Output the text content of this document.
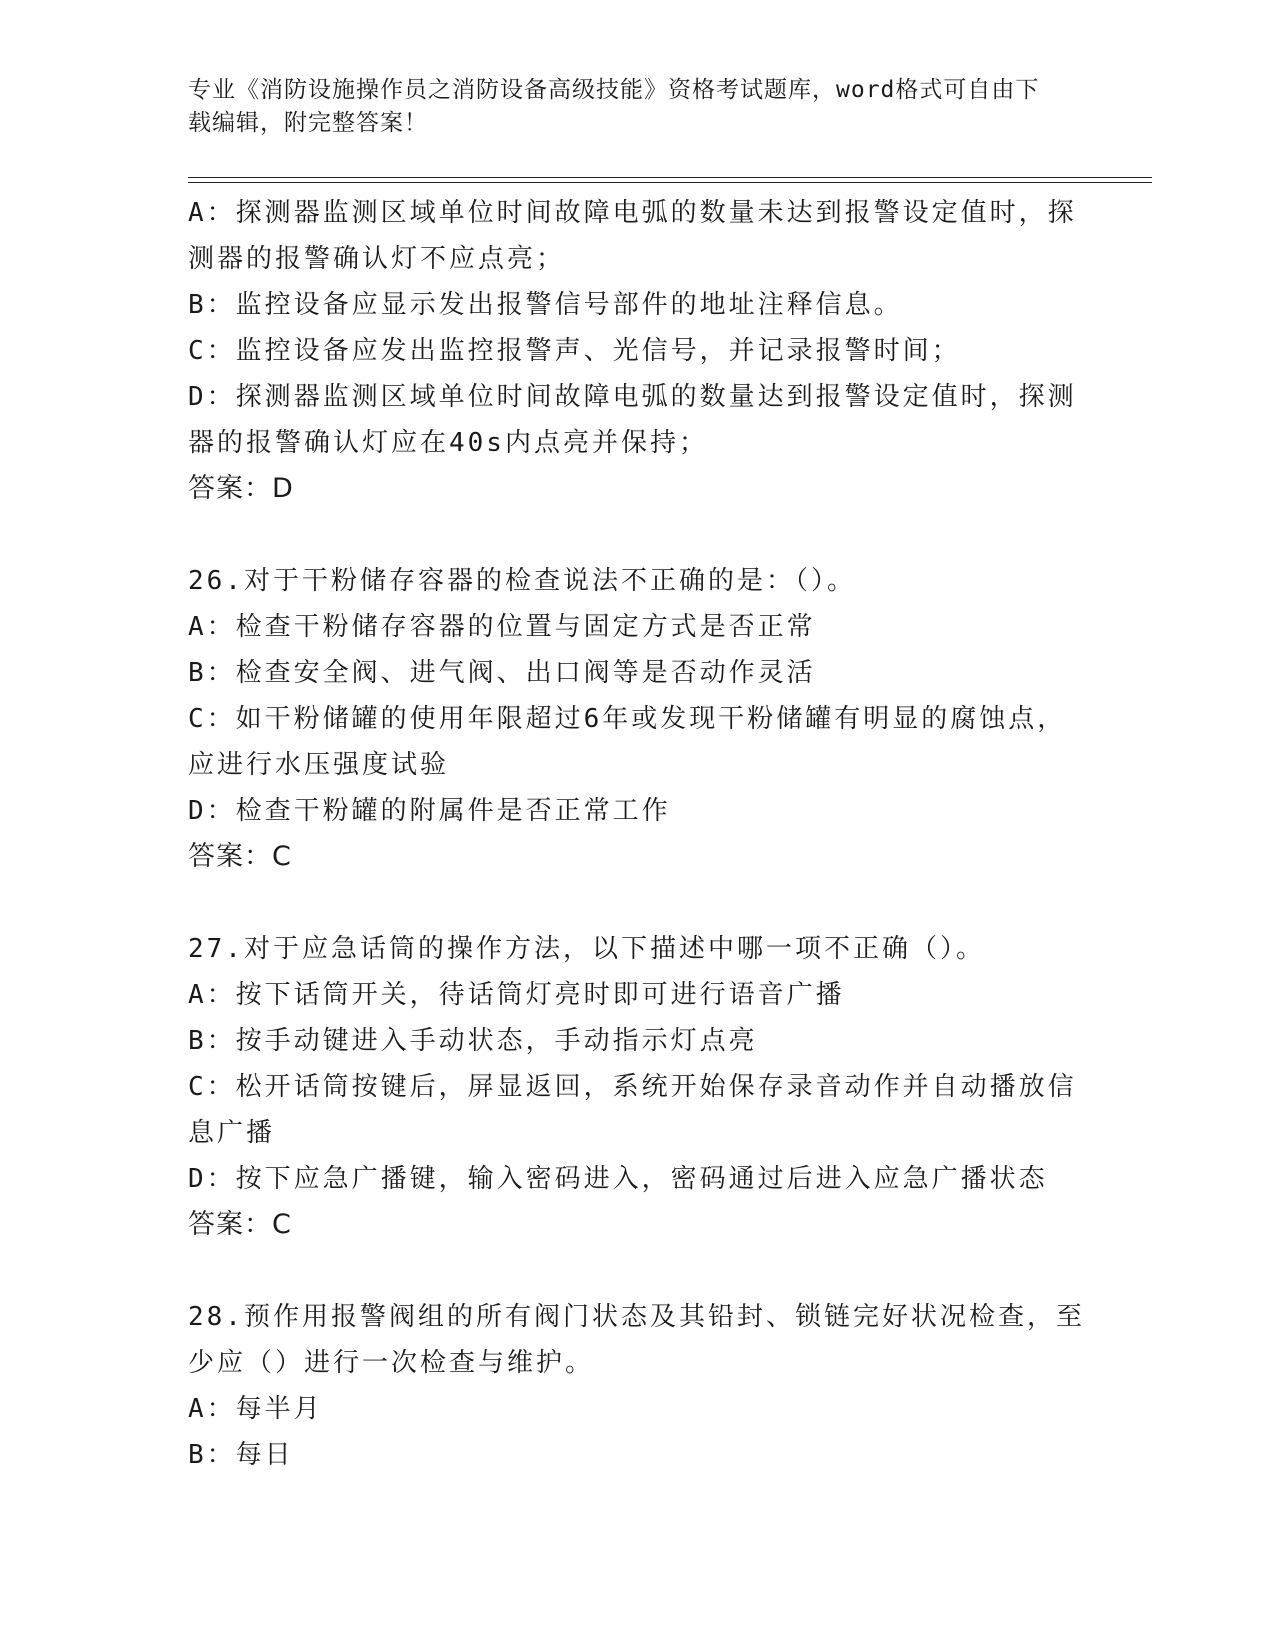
专业《消防设施操作员之消防设备高级技能》资格考试题库，word格式可自由下
载编辑，附完整答案！
A：探测器监测区域单位时间故障电弧的数量未达到报警设定值时，探
测器的报警确认灯不应点亮；
B：监控设备应显示发出报警信号部件的地址注释信息。
C：监控设备应发出监控报警声、光信号，并记录报警时间；
D：探测器监测区域单位时间故障电弧的数量达到报警设定值时，探测
器的报警确认灯应在40s内点亮并保持；
答案：D
26.对于干粉储存容器的检查说法不正确的是：（）。
A：检查干粉储存容器的位置与固定方式是否正常
B：检查安全阀、进气阀、出口阀等是否动作灵活
C：如干粉储罐的使用年限超过6年或发现干粉储罐有明显的腐蚀点，
应进行水压强度试验
D：检查干粉罐的附属件是否正常工作
答案：C
27.对于应急话筒的操作方法，以下描述中哪一项不正确（）。
A：按下话筒开关，待话筒灯亮时即可进行语音广播
B：按手动键进入手动状态，手动指示灯点亮
C：松开话筒按键后，屏显返回，系统开始保存录音动作并自动播放信
息广播
D：按下应急广播键，输入密码进入，密码通过后进入应急广播状态
答案：C
28.预作用报警阀组的所有阀门状态及其铅封、锁链完好状况检查，至
少应（）进行一次检查与维护。
A：每半月
B：每日
